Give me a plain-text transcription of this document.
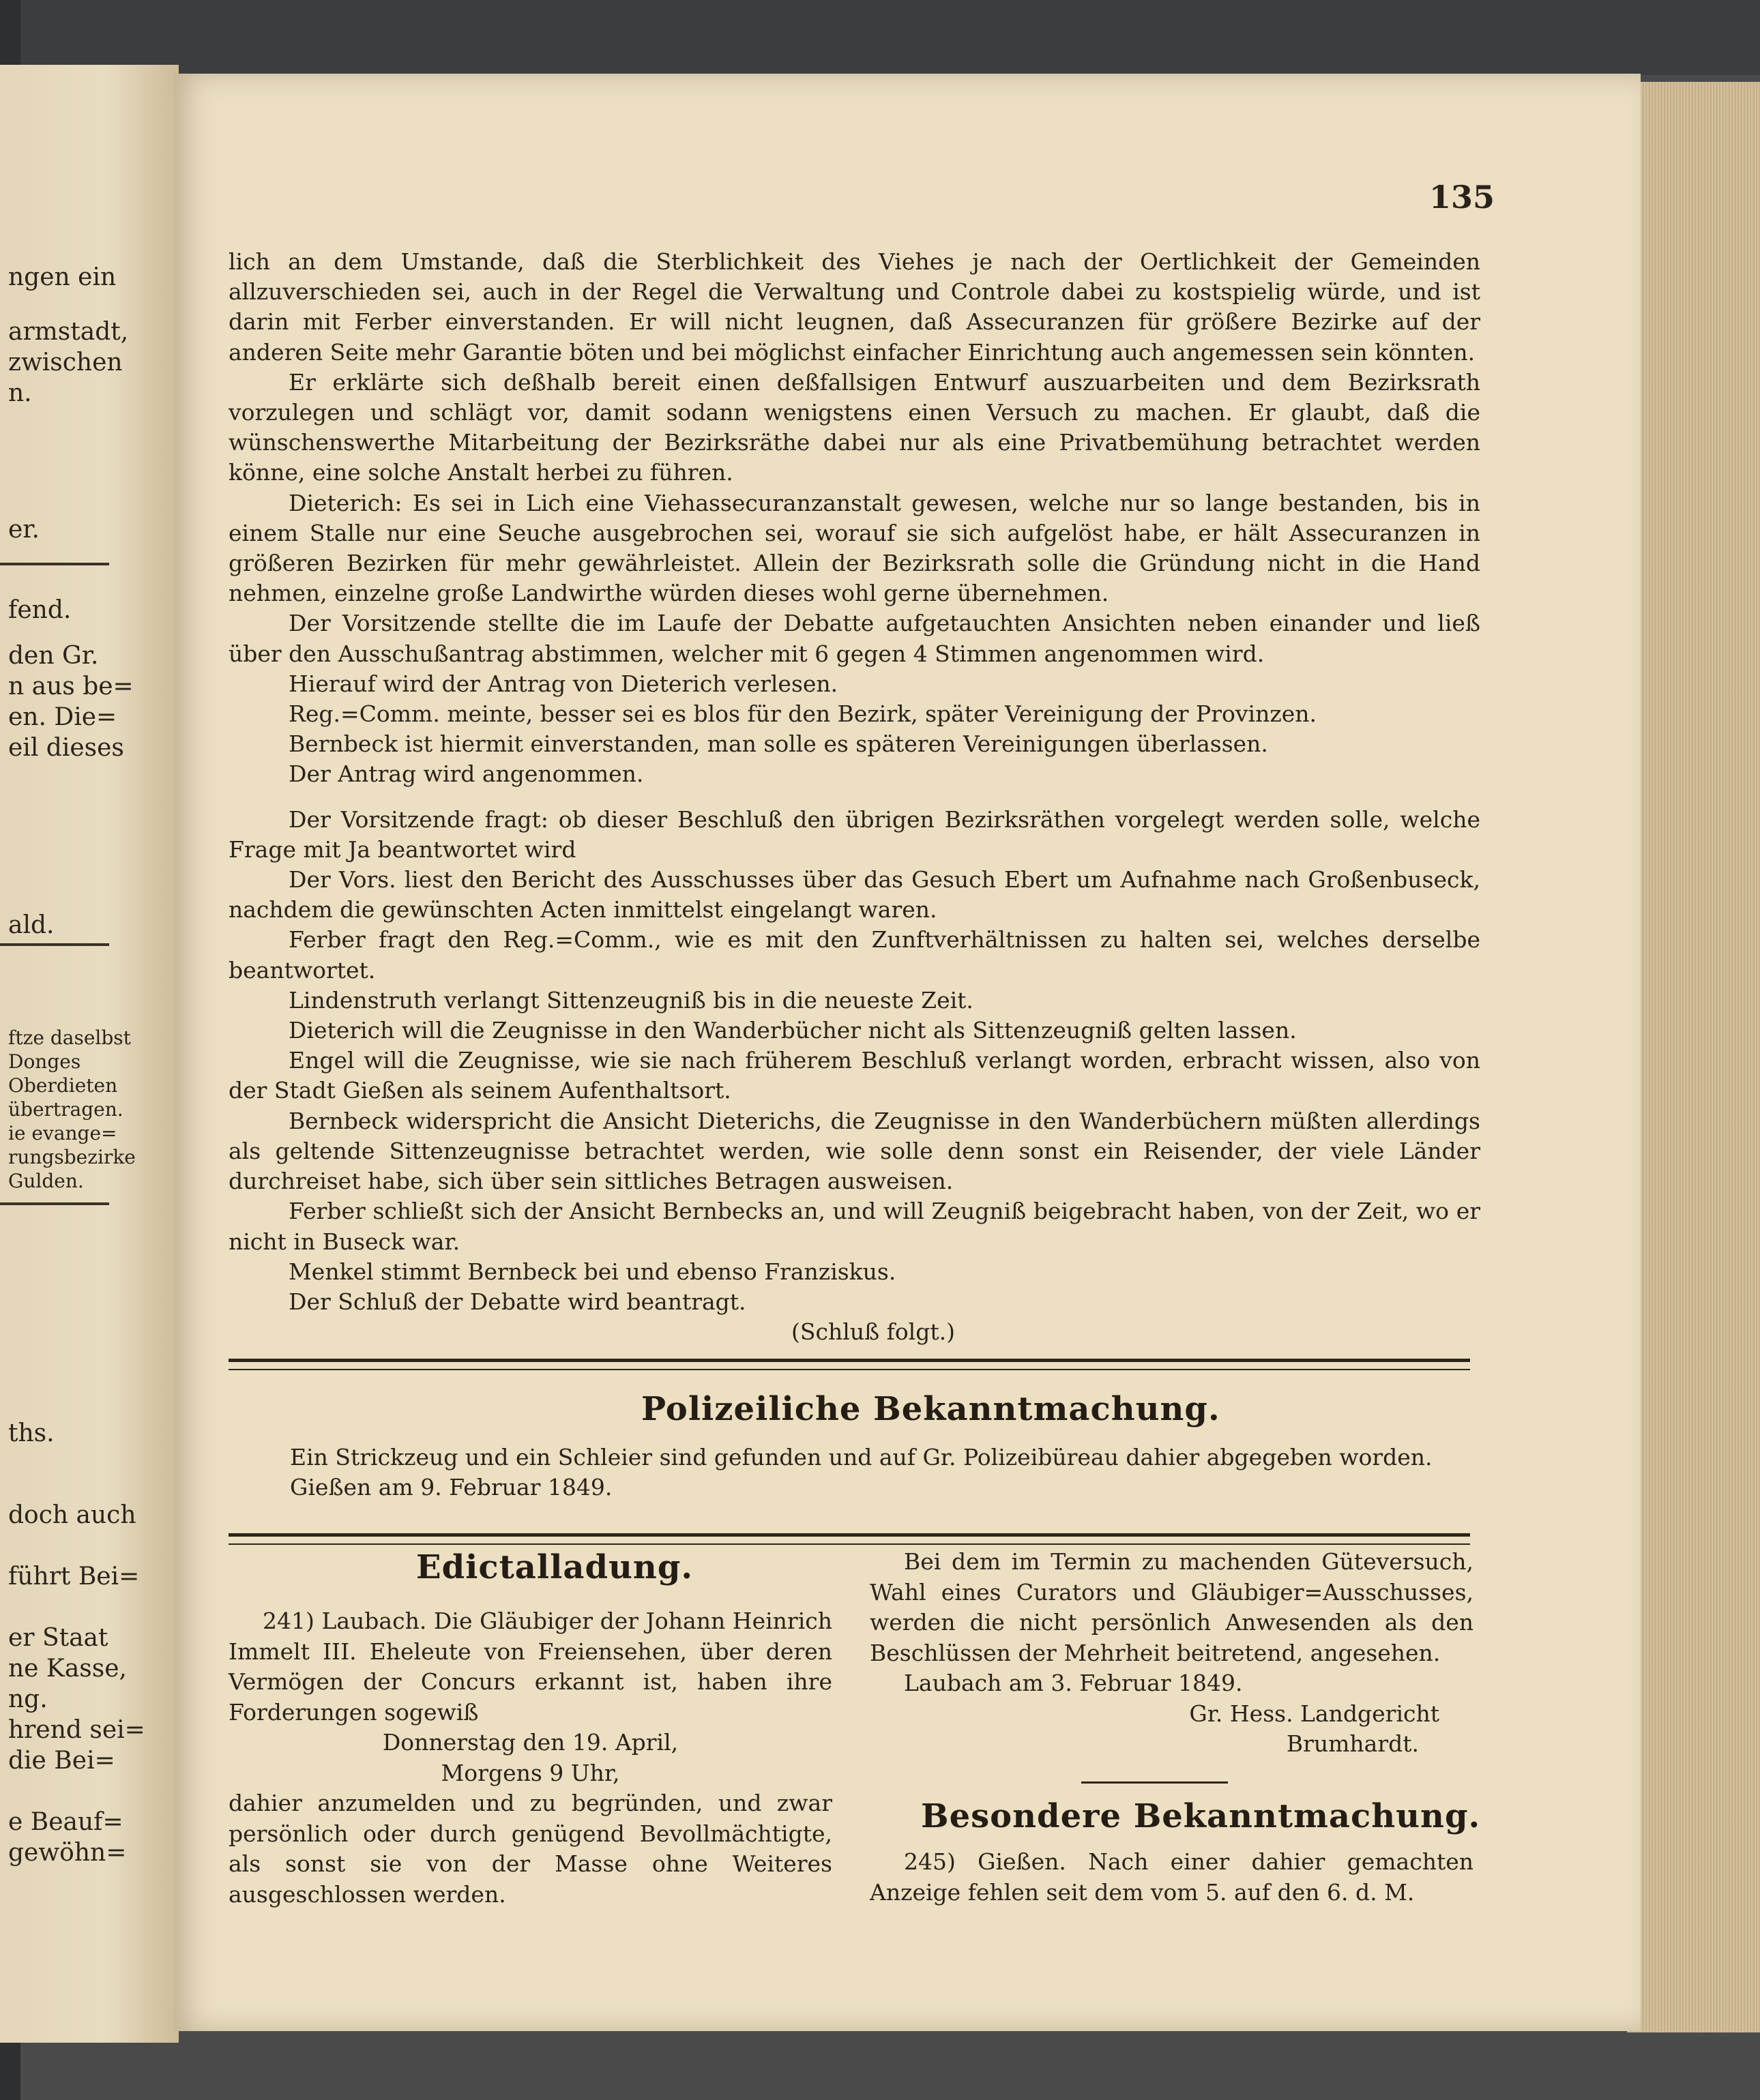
ngen ein
armstadt,
zwischen
n.
er.
fend.
den Gr.
n aus be=
en. Die=
eil dieses
ald.
ftze daselbst
Donges
Oberdieten
übertragen.
ie evange=
rungsbezirke
Gulden.
ths.
doch auch
führt Bei=
er Staat
ne Kasse,
ng.
hrend sei=
die Bei=
e Beauf=
gewöhn=
135

lich an dem Umstande, daß die Sterblichkeit des Viehes je nach der Oertlichkeit der Gemeinden allzuverschieden sei, auch in der Regel die Verwaltung und Controle dabei zu kostspielig würde, und ist darin mit Ferber einverstanden. Er will nicht leugnen, daß Assecuranzen für größere Bezirke auf der anderen Seite mehr Garantie böten und bei möglichst einfacher Einrichtung auch angemessen sein könnten.

Er erklärte sich deßhalb bereit einen deßfallsigen Entwurf auszuarbeiten und dem Bezirksrath vorzulegen und schlägt vor, damit sodann wenigstens einen Versuch zu machen. Er glaubt, daß die wünschenswerthe Mitarbeitung der Bezirksräthe dabei nur als eine Privatbemühung betrachtet werden könne, eine solche Anstalt herbei zu führen.

Dieterich: Es sei in Lich eine Viehassecuranzanstalt gewesen, welche nur so lange bestanden, bis in einem Stalle nur eine Seuche ausgebrochen sei, worauf sie sich aufgelöst habe, er hält Assecuranzen in größeren Bezirken für mehr gewährleistet. Allein der Bezirksrath solle die Gründung nicht in die Hand nehmen, einzelne große Landwirthe würden dieses wohl gerne übernehmen.

Der Vorsitzende stellte die im Laufe der Debatte aufgetauchten Ansichten neben einander und ließ über den Ausschußantrag abstimmen, welcher mit 6 gegen 4 Stimmen angenommen wird.

Hierauf wird der Antrag von Dieterich verlesen.

Reg.=Comm. meinte, besser sei es blos für den Bezirk, später Vereinigung der Provinzen.

Bernbeck ist hiermit einverstanden, man solle es späteren Vereinigungen überlassen.

Der Antrag wird angenommen.

Der Vorsitzende fragt: ob dieser Beschluß den übrigen Bezirksräthen vorgelegt werden solle, welche Frage mit Ja beantwortet wird

Der Vors. liest den Bericht des Ausschusses über das Gesuch Ebert um Aufnahme nach Großenbuseck, nachdem die gewünschten Acten inmittelst eingelangt waren.

Ferber fragt den Reg.=Comm., wie es mit den Zunftverhältnissen zu halten sei, welches derselbe beantwortet.

Lindenstruth verlangt Sittenzeugniß bis in die neueste Zeit.

Dieterich will die Zeugnisse in den Wanderbücher nicht als Sittenzeugniß gelten lassen.

Engel will die Zeugnisse, wie sie nach früherem Beschluß verlangt worden, erbracht wissen, also von der Stadt Gießen als seinem Aufenthaltsort.

Bernbeck widerspricht die Ansicht Dieterichs, die Zeugnisse in den Wanderbüchern müßten allerdings als geltende Sittenzeugnisse betrachtet werden, wie solle denn sonst ein Reisender, der viele Länder durchreiset habe, sich über sein sittliches Betragen ausweisen.

Ferber schließt sich der Ansicht Bernbecks an, und will Zeugniß beigebracht haben, von der Zeit, wo er nicht in Buseck war.

Menkel stimmt Bernbeck bei und ebenso Franziskus.

Der Schluß der Debatte wird beantragt.

(Schluß folgt.)

Polizeiliche Bekanntmachung.
Ein Strickzeug und ein Schleier sind gefunden und auf Gr. Polizeibüreau dahier abgegeben worden.
Gießen am 9. Februar 1849.
Edictalladung.

241) Laubach. Die Gläubiger der Johann Heinrich Immelt III. Eheleute von Freiensehen, über deren Vermögen der Concurs erkannt ist, haben ihre Forderungen sogewiß

Donnerstag den 19. April,

Morgens 9 Uhr,

dahier anzumelden und zu begründen, und zwar persönlich oder durch genügend Bevollmächtigte, als sonst sie von der Masse ohne Weiteres ausgeschlossen werden.

Bei dem im Termin zu machenden Güteversuch, Wahl eines Curators und Gläubiger=Ausschusses, werden die nicht persönlich Anwesenden als den Beschlüssen der Mehrheit beitretend, angesehen.

Laubach am 3. Februar 1849.

Gr. Hess. Landgericht

Brumhardt.

Besondere Bekanntmachung.

245) Gießen. Nach einer dahier gemachten Anzeige fehlen seit dem vom 5. auf den 6. d. M.
